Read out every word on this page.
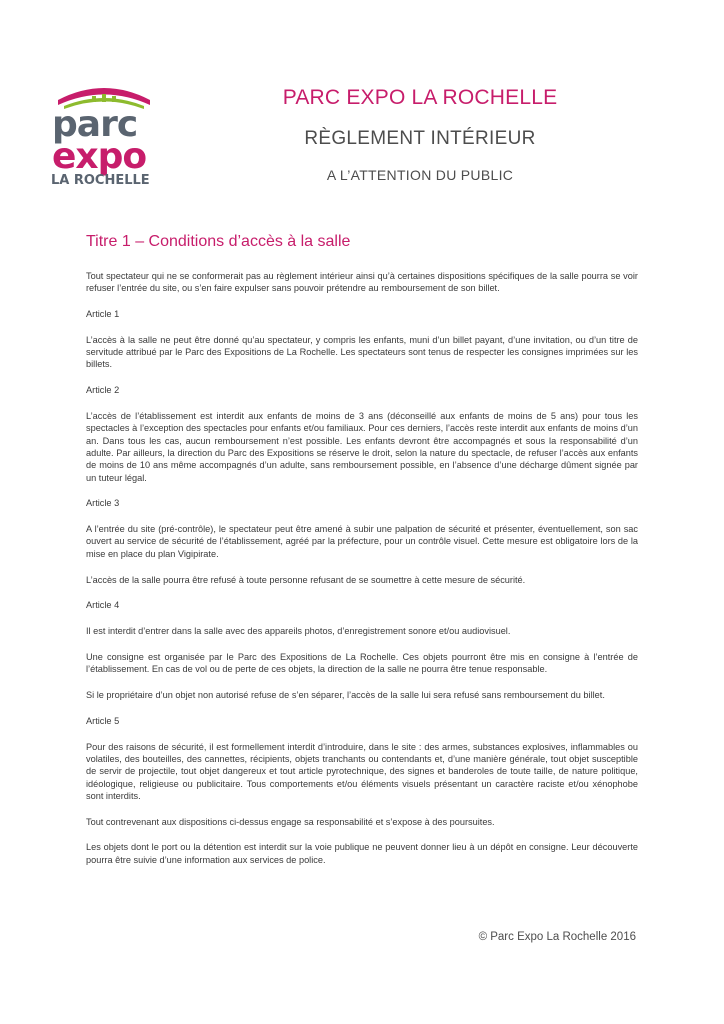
parc
expo
LA ROCHELLE
PARC EXPO LA ROCHELLE
RÈGLEMENT INTÉRIEUR
A L’ATTENTION DU PUBLIC
Titre 1 – Conditions d’accès à la salle

Tout spectateur qui ne se conformerait pas au règlement intérieur ainsi qu’à certaines dispositions spécifiques de la salle pourra se voir refuser l’entrée du site, ou s’en faire expulser sans pouvoir prétendre au remboursement de son billet.

Article 1

L’accès à la salle ne peut être donné qu’au spectateur, y compris les enfants, muni d’un billet payant, d’une invitation, ou d’un titre de servitude attribué par le Parc des Expositions de La Rochelle. Les spectateurs sont tenus de respecter les consignes imprimées sur les billets.

Article 2

L’accès de l’établissement est interdit aux enfants de moins de 3 ans (déconseillé aux enfants de moins de 5 ans) pour tous les spectacles à l’exception des spectacles pour enfants et/ou familiaux. Pour ces derniers, l’accès reste interdit aux enfants de moins d’un an. Dans tous les cas, aucun remboursement n’est possible. Les enfants devront être accompagnés et sous la responsabilité d’un adulte. Par ailleurs, la direction du Parc des Expositions se réserve le droit, selon la nature du spectacle, de refuser l’accès aux enfants de moins de 10 ans même accompagnés d’un adulte, sans remboursement possible, en l’absence d’une décharge dûment signée par un tuteur légal.

Article 3

A l’entrée du site (pré-contrôle), le spectateur peut être amené à subir une palpation de sécurité et présenter, éventuellement, son sac ouvert au service de sécurité de l’établissement, agréé par la préfecture, pour un contrôle visuel. Cette mesure est obligatoire lors de la mise en place du plan Vigipirate.

L’accès de la salle pourra être refusé à toute personne refusant de se soumettre à cette mesure de sécurité.

Article 4

Il est interdit d’entrer dans la salle avec des appareils photos, d’enregistrement sonore et/ou audiovisuel.

Une consigne est organisée par le Parc des Expositions de La Rochelle. Ces objets pourront être mis en consigne à l’entrée de l’établissement. En cas de vol ou de perte de ces objets, la direction de la salle ne pourra être tenue responsable.

Si le propriétaire d’un objet non autorisé refuse de s’en séparer, l’accès de la salle lui sera refusé sans remboursement du billet.

Article 5

Pour des raisons de sécurité, il est formellement interdit d’introduire, dans le site : des armes, substances explosives, inflammables ou volatiles, des bouteilles, des cannettes, récipients, objets tranchants ou contendants et, d’une manière générale, tout objet susceptible de servir de projectile, tout objet dangereux et tout article pyrotechnique, des signes et banderoles de toute taille, de nature politique, idéologique, religieuse ou publicitaire. Tous comportements et/ou éléments visuels présentant un caractère raciste et/ou xénophobe sont interdits.

Tout contrevenant aux dispositions ci-dessus engage sa responsabilité et s’expose à des poursuites.

Les objets dont le port ou la détention est interdit sur la voie publique ne peuvent donner lieu à un dépôt en consigne. Leur découverte pourra être suivie d’une information aux services de police.

© Parc Expo La Rochelle 2016
